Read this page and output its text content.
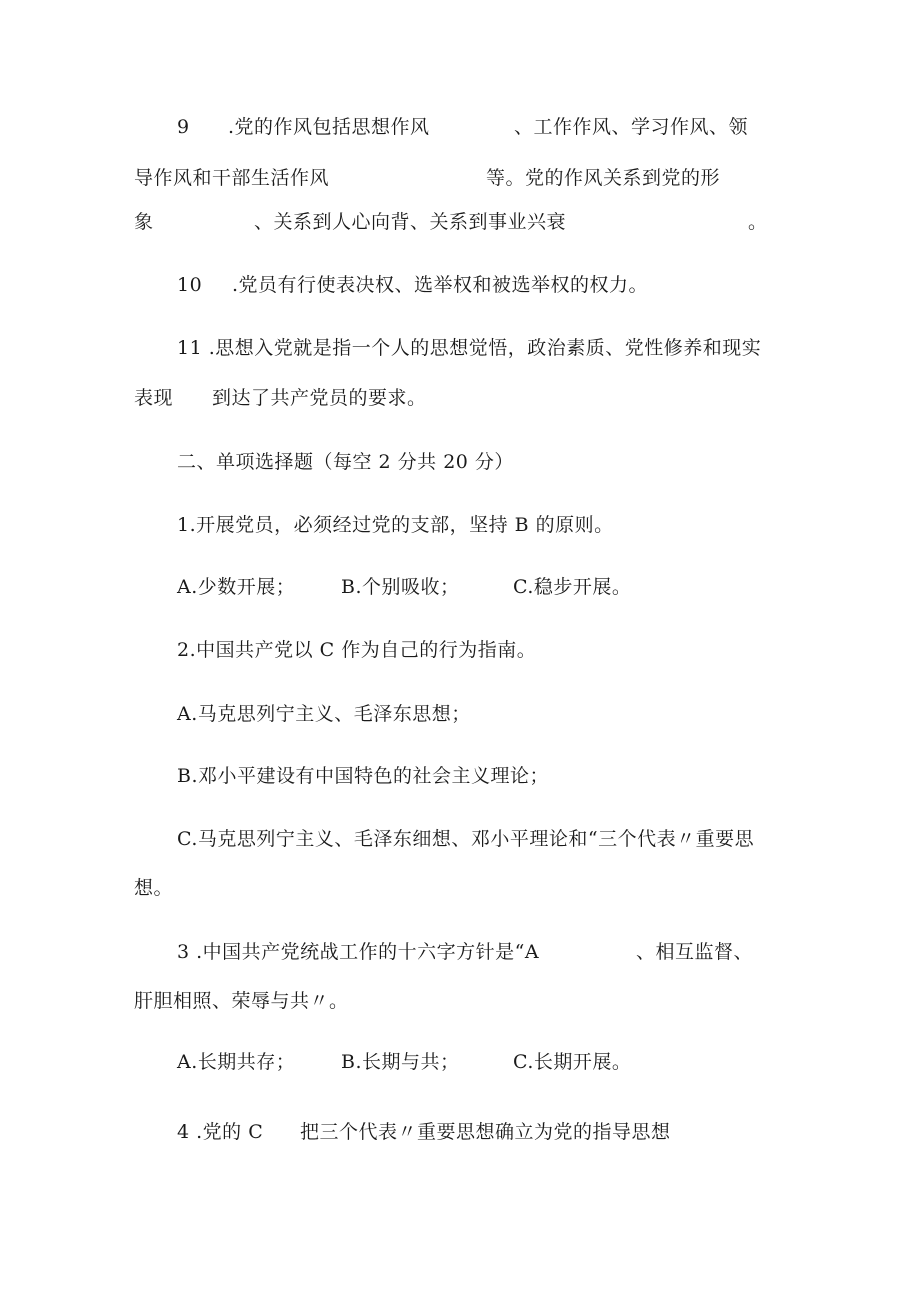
9 .党的作风包括思想作风	、工作作风、学习作风、领
导作风和干部生活作风	等。党的作风关系到党的形
象	、关系到人心向背、关系到事业兴衰	。
10 .党员有行使表决权、选举权和被选举权的权力。
11 .思想入党就是指一个人的思想觉悟，政治素质、党性修养和现实
表现 到达了共产党员的要求。
二、单项选择题（每空 2 分共 20 分）
1.开展党员，必须经过党的支部，坚持 B 的原则。
A.少数开展； B.个别吸收；	C.稳步开展。
2.中国共产党以 C 作为自己的行为指南。
A.马克思列宁主义、毛泽东思想；
B.邓小平建设有中国特色的社会主义理论；
C.马克思列宁主义、毛泽东细想、邓小平理论和“三个代表〃重要思
想。
3 .中国共产党统战工作的十六字方针是“A	、相互监督、
肝胆相照、荣辱与共〃。
A.长期共存； B.长期与共；	C.长期开展。
4 .党的 C 把三个代表〃重要思想确立为党的指导思想
